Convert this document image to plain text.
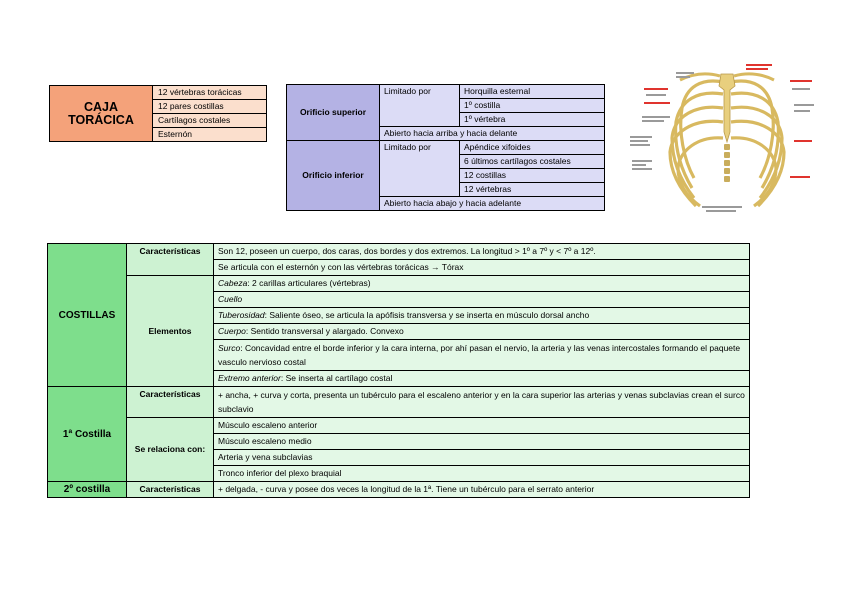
CAJA TORÁCICA	12 vértebras torácicas
12 pares costillas
Cartílagos costales
Esternón
Orificio superior	Limitado por	Horquilla esternal
		1º costilla
		1º vértebra
	Abierto hacia arriba y hacia delante	
Orificio inferior	Limitado por	Apéndice xifoides
		6 últimos cartílagos costales
		12 costillas
		12 vértebras
	Abierto hacia abajo y hacia adelante	
COSTILLAS	Características	Son 12, poseen un cuerpo, dos caras, dos bordes y dos extremos. La longitud > 1º a 7º y < 7º a 12º.
		Se articula con el esternón y con las vértebras torácicas → Tórax
	Elementos	Cabeza: 2 carillas articulares (vértebras)
		Cuello
		Tuberosidad: Saliente óseo, se articula la apófisis transversa y se inserta en músculo dorsal ancho
		Cuerpo: Sentido transversal y alargado. Convexo
		Surco: Concavidad entre el borde inferior y la cara interna, por ahí pasan el nervio, la arteria y las venas intercostales formando el paquete vasculo nervioso costal
		Extremo anterior: Se inserta al cartílago costal
1ª Costilla	Características	+ ancha, + curva y corta, presenta un tubérculo para el escaleno anterior y en la cara superior las arterias y venas subclavias crean el surco subclavio
	Se relaciona con:	Músculo escaleno anterior
		Músculo escaleno medio
		Arteria y vena subclavias
		Tronco inferior del plexo braquial
2º costilla	Características	+ delgada, - curva y posee dos veces la longitud de la 1ª. Tiene un tubérculo para el serrato anterior
